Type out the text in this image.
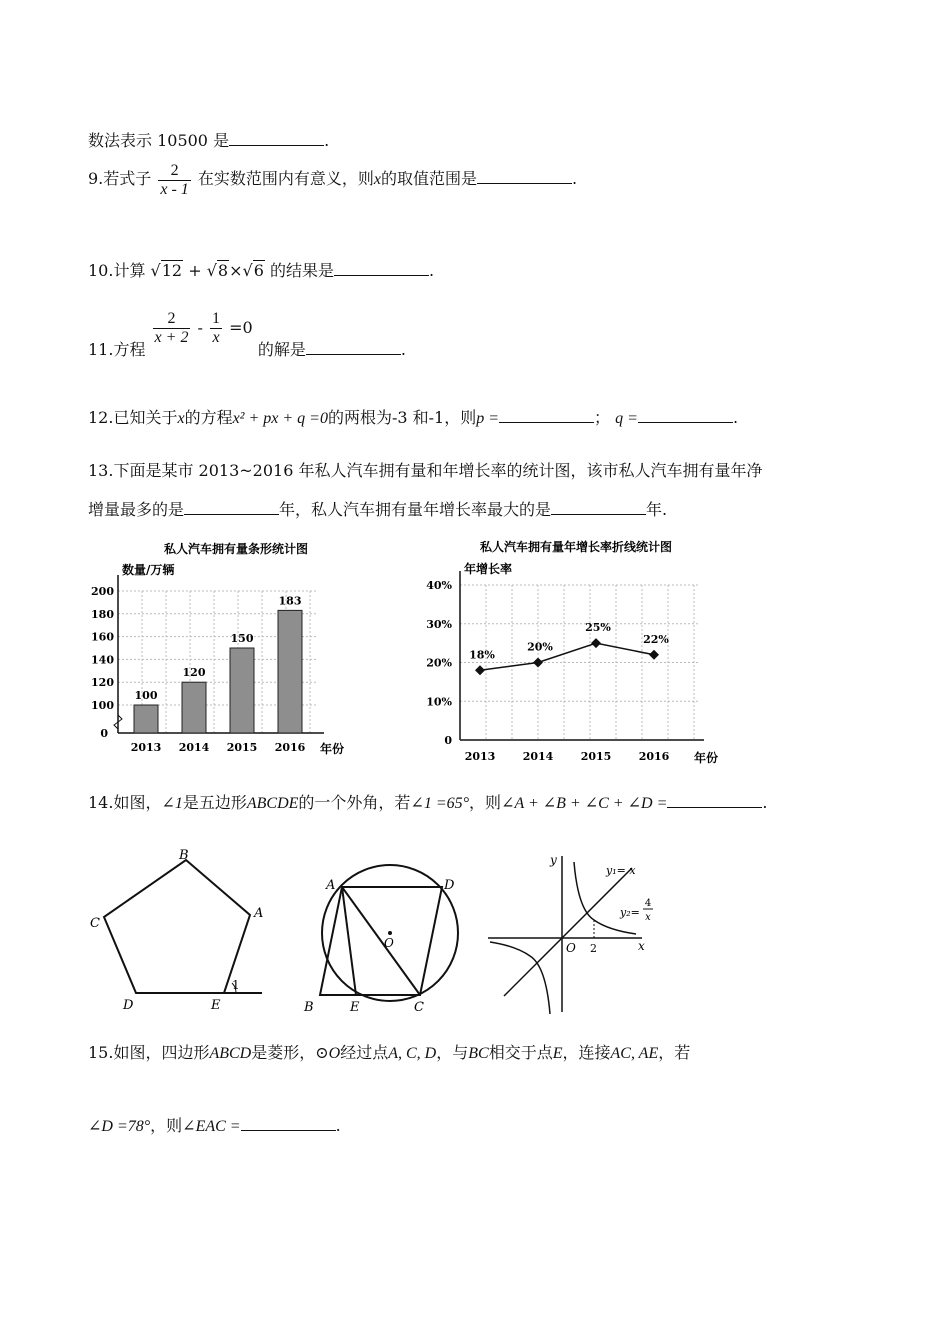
数法表示 10500 是	.
9.若式子 $\frac{2}{x - 1}$ 在实数范围内有意义，则x的取值范围是	.
10.计算 √12 + √8×√6 的结果是	.
11.方程
$\frac{2}{x + 2} - \frac{1}{x} =0$ 的解是	.
12.已知关于x的方程x² + px + q =0的两根为-3 和-1，则p =	； q =	.
13.下面是某市 2013~2016 年私人汽车拥有量和年增长率的统计图，该市私人汽车拥有量年净
增量最多的是	年，私人汽车拥有量年增长率最大的是	年.
私人汽车拥有量条形统计图
数量/万辆
年份
0
100
120
140
160
180
200
100
2013
120
2014
150
2015
183
2016
私人汽车拥有量年增长率折线统计图
年增长率
年份
0
10%
20%
30%
40%
18%
2013
20%
2014
25%
2015
22%
2016
14.如图，∠1是五边形ABCDE的一个外角，若∠1 =65°，则∠A + ∠B + ∠C + ∠D =	.
B
A
C
D	E
1
A	D
O
B	E	C
y
y₁= x
y₂=
4
x
O 2	x
15.如图，四边形ABCD是菱形，⊙O经过点A, C, D，与BC相交于点E，连接AC, AE，若
∠D =78°，则∠EAC =	.
